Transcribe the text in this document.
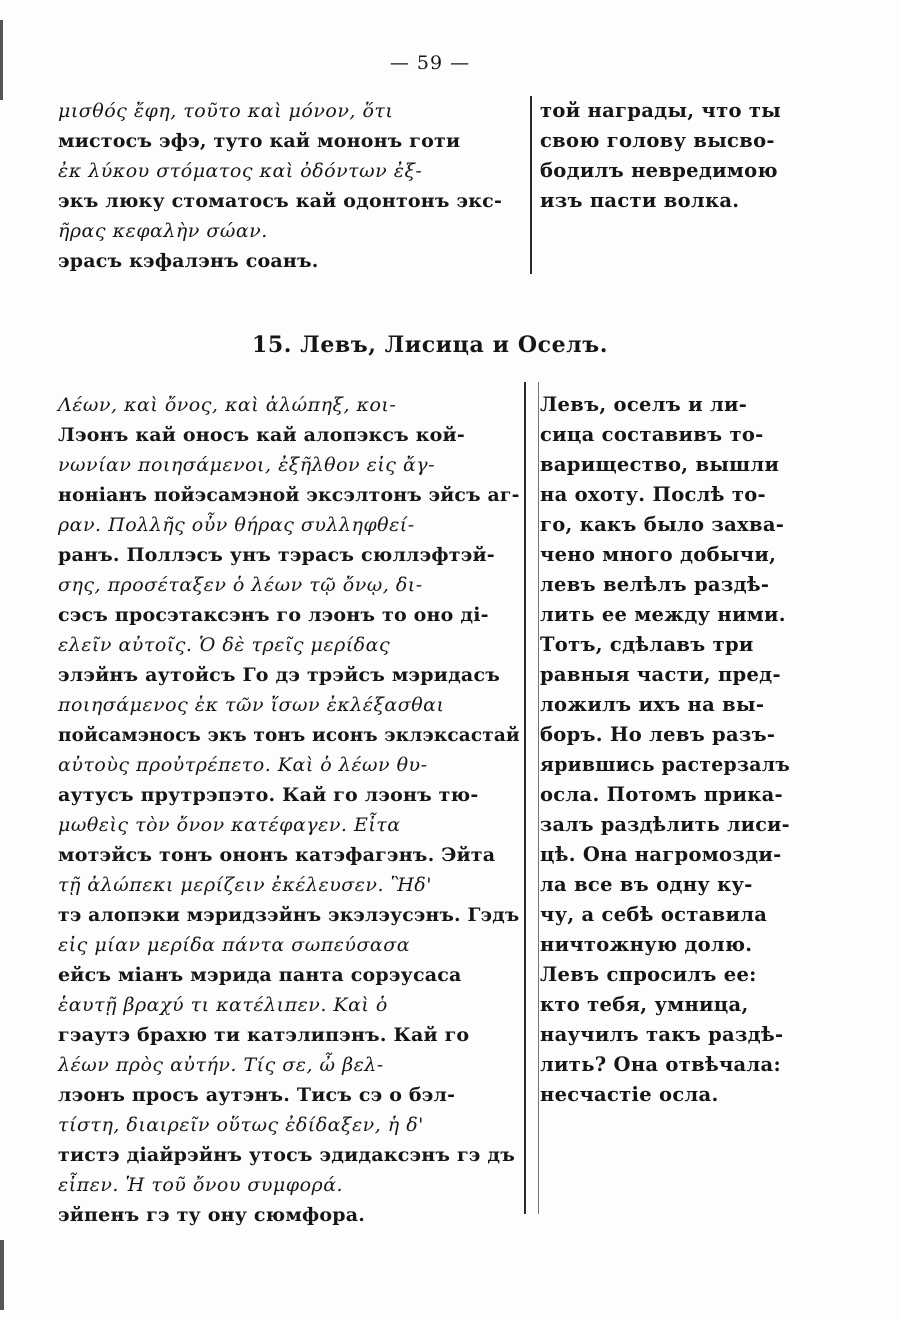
— 59 —
μισθός ἔφη, τοῦτο καὶ μόνον, ὅτι
мистосъ эфэ, туто кай мононъ готи
ἐκ λύκου στόματος καὶ ὀδόντων ἐξ-
экъ люку стоматосъ кай одонтонъ экс-
ῆρας κεφαλὴν σώαν.
эрасъ кэфалэнъ соанъ.
той награды, что ты
свою голову высво-
бодилъ невредимою
изъ пасти волка.
15. Левъ, Лисица и Оселъ.
Λέων, καὶ ὄνος, καὶ ἀλώπηξ, κοι-
Лэонъ кай оносъ кай алопэксъ кой-
νωνίαν ποιησάμενοι, ἐξῆλθον εἰς ἄγ-
ноніанъ пойэсамэной эксэлтонъ эйсъ аг-
ραν. Πολλῆς οὖν θήρας συλληφθεί-
ранъ. Поллэсъ унъ тэрасъ сюллэфтэй-
σης, προσέταξεν ὁ λέων τῷ ὄνῳ, δι-
сэсъ просэтаксэнъ го лэонъ то оно ді-
ελεῖν αὐτοῖς. Ὁ δὲ τρεῖς μερίδας
элэйнъ аутойсъ Го дэ трэйсъ мэридасъ
ποιησάμενος ἐκ τῶν ἴσων ἐκλέξασθαι
пойсамэносъ экъ тонъ исонъ эклэксастай
αὐτοὺς προὐτρέπετο. Καὶ ὁ λέων θυ-
аутусъ прутрэпэто. Кай го лэонъ тю-
μωθεὶς τὸν ὄνον κατέφαγεν. Εἶτα
мотэйсъ тонъ ононъ катэфагэнъ. Эйта
τῇ ἀλώπεκι μερίζειν ἐκέλευσεν. Ἣδ'
тэ алопэки мэридзэйнъ экэлэусэнъ. Гэдъ
εἰς μίαν μερίδα πάντα σωπεύσασα
ейсъ міанъ мэрида панта сорэусаса
ἑαυτῇ βραχύ τι κατέλιπεν. Καὶ ὁ
гэаутэ брахю ти катэлипэнъ. Кай го
λέων πρὸς αὐτήν. Τίς σε, ὦ βελ-
лэонъ просъ аутэнъ. Тисъ сэ о бэл-
τίστη, διαιρεῖν οὕτως ἐδίδαξεν, ἡ δ'
тистэ діайрэйнъ утосъ эдидаксэнъ гэ дъ
εἶπεν. Ἡ τοῦ ὄνου συμφορά.
эйпенъ гэ ту ону сюмфора.
Левъ, оселъ и ли-
сица составивъ то-
варищество, вышли
на охоту. Послѣ то-
го, какъ было захва-
чено много добычи,
левъ велѣлъ раздѣ-
лить ее между ними.
Тотъ, сдѣлавъ три
равныя части, пред-
ложилъ ихъ на вы-
боръ. Но левъ разъ-
ярившись растерзалъ
осла. Потомъ прика-
залъ раздѣлить лиси-
цѣ. Она нагромозди-
ла все въ одну ку-
чу, а себѣ оставила
ничтожную долю.
Левъ спросилъ ее:
кто тебя, умница,
научилъ такъ раздѣ-
лить? Она отвѣчала:
несчастіе осла.
